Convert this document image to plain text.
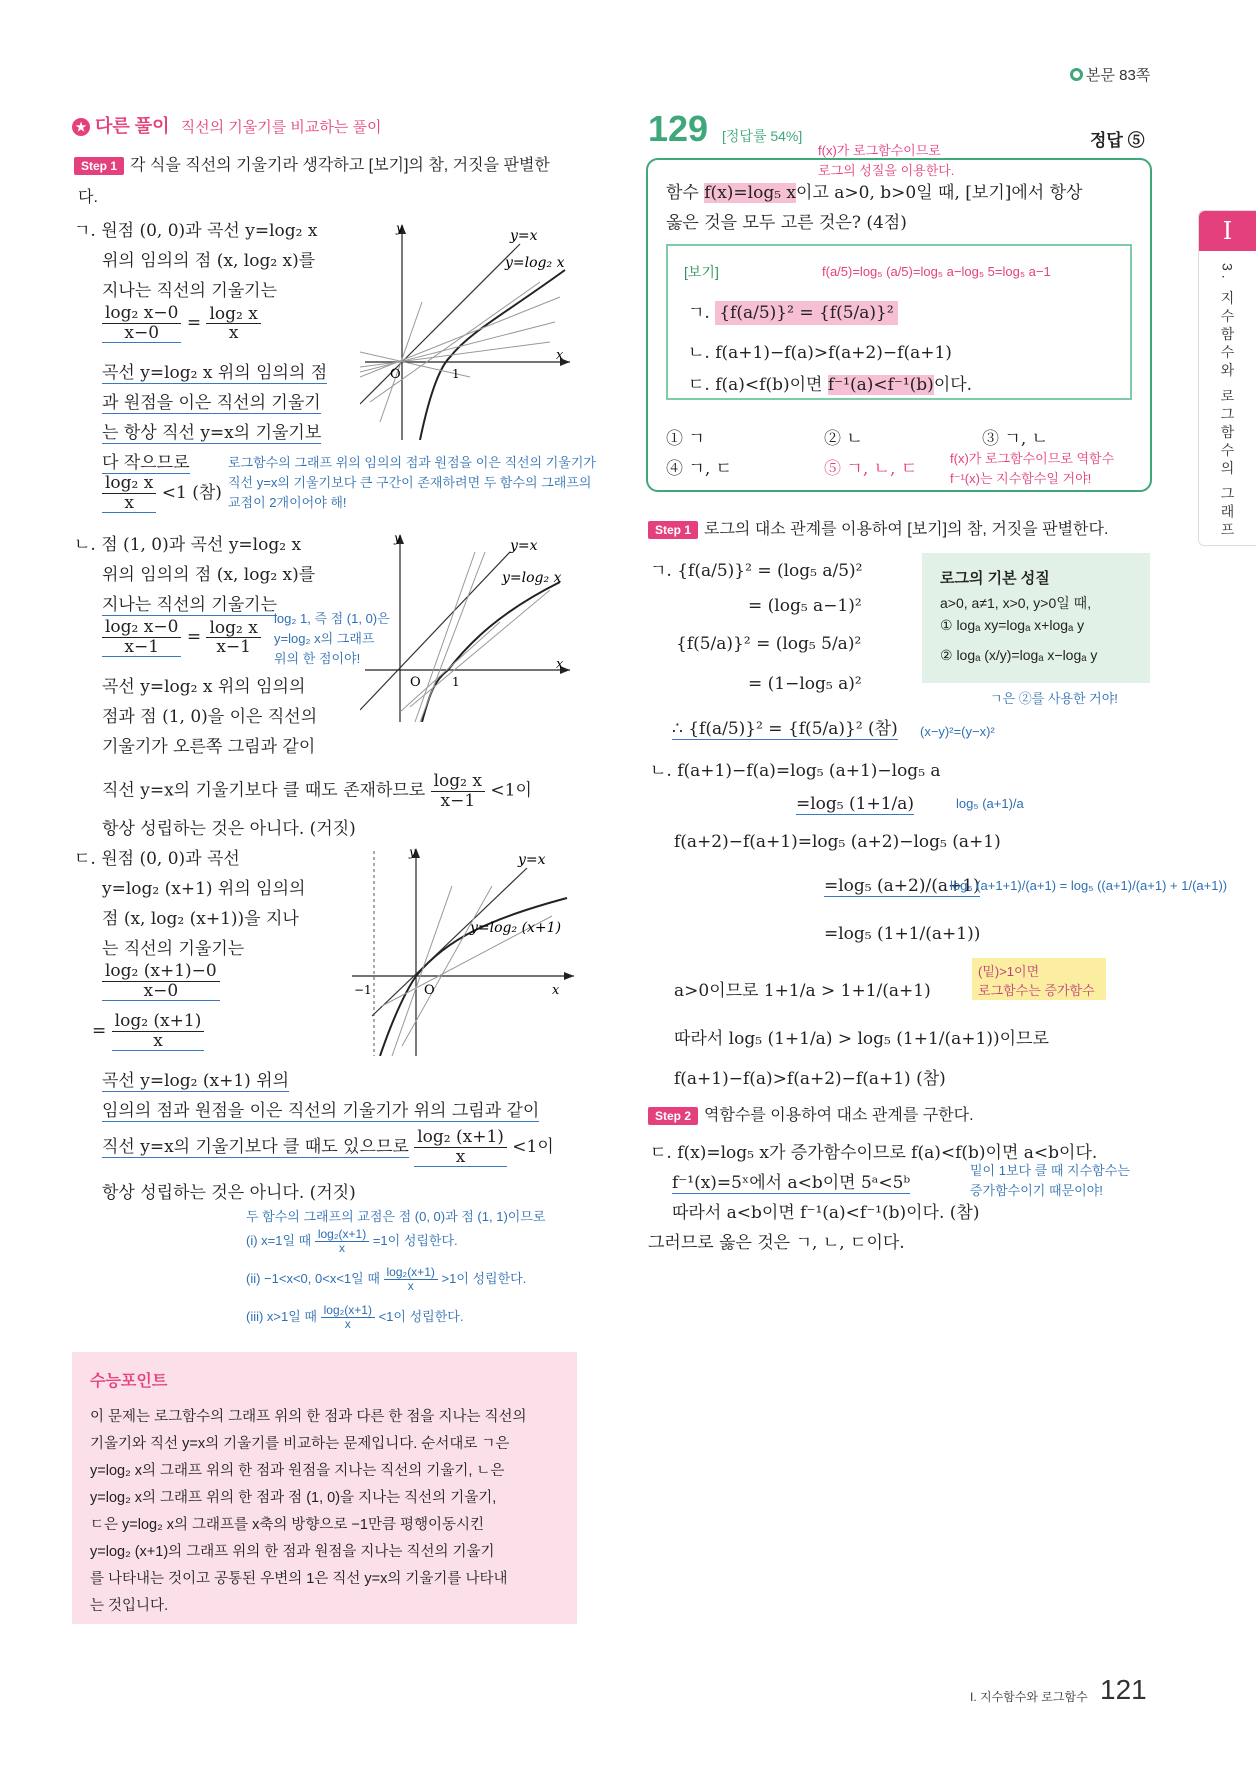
본문 83쪽
I
3. 지수함수와 로그함수의 그래프
★ 다른 풀이 직선의 기울기를 비교하는 풀이
Step 1 각 식을 직선의 기울기라 생각하고 [보기]의 참, 거짓을 판별한
다.
ㄱ. 원점 (0, 0)과 곡선 y=log₂ x
위의 임의의 점 (x, log₂ x)를
지나는 직선의 기울기는
$\frac{\text{log₂ x−0}}{x-0} = \frac{\text{log₂ x}}{x}$
곡선 y=log₂ x 위의 임의의 점
과 원점을 이은 직선의 기울기
는 항상 직선 y=x의 기울기보
다 작으므로
$\frac{\text{log₂ x}}{x} <1$ (참)
로그함수의 그래프 위의 임의의 점과 원점을 이은 직선의 기울기가
직선 y=x의 기울기보다 큰 구간이 존재하려면 두 함수의 그래프의
교점이 2개이어야 해!
y=x
y=log₂ x
y
x
O	1
ㄴ. 점 (1, 0)과 곡선 y=log₂ x
위의 임의의 점 (x, log₂ x)를
지나는 직선의 기울기는
$\frac{\text{log₂ x−0}}{x-1} = \frac{\text{log₂ x}}{x-1} \log_2$ 1, 즉 점 (1, 0)은
y=log₂ x의 그래프
위의 한 점이야!
곡선 y=log₂ x 위의 임의의
점과 점 (1, 0)을 이은 직선의
기울기가 오른쪽 그림과 같이
직선 y=x의 기울기보다 클 때도 존재하므로 $\frac{\text{log₂ x}}{x-1} <1$이
항상 성립하는 것은 아니다. (거짓)
y=x
y=log₂ x
y
x
O	1
ㄷ. 원점 (0, 0)과 곡선
y=log₂ (x+1) 위의 임의의
점 (x, log₂ (x+1))을 지나
는 직선의 기울기는
$\frac{\text{log₂ (x+1)−0}}{x-0}$
= $\frac{\text{log₂ (x+1)}}{x}$
곡선 y=log₂ (x+1) 위의
임의의 점과 원점을 이은 직선의 기울기가 위의 그림과 같이
직선 y=x의 기울기보다 클 때도 있으므로 $\frac{\text{log₂ (x+1)}}{x} <1$이
항상 성립하는 것은 아니다. (거짓)
두 함수의 그래프의 교점은 점 (0, 0)과 점 (1, 1)이므로
(i) x=1일 때 $\frac{\text{log₂(x+1)}}{x} =1$이 성립한다.
(ii) −1<x<0, 0<x<1일 때 $\frac{\text{log₂(x+1)}}{x} >1$이 성립한다.
(iii) x>1일 때 $\frac{\text{log₂(x+1)}}{x} <1$이 성립한다.
y=x
y=log₂ (x+1)
y
x
O
−1
수능포인트
이 문제는 로그함수의 그래프 위의 한 점과 다른 한 점을 지나는 직선의
기울기와 직선 y=x의 기울기를 비교하는 문제입니다. 순서대로 ㄱ은
y=log₂ x의 그래프 위의 한 점과 원점을 지나는 직선의 기울기, ㄴ은
y=log₂ x의 그래프 위의 한 점과 점 (1, 0)을 지나는 직선의 기울기,
ㄷ은 y=log₂ x의 그래프를 x축의 방향으로 −1만큼 평행이동시킨
y=log₂ (x+1)의 그래프 위의 한 점과 원점을 지나는 직선의 기울기
를 나타내는 것이고 공통된 우변의 1은 직선 y=x의 기울기를 나타내
는 것입니다.
129 [정답률 54%]	정답 ⑤
f(x)가 로그함수이므로
로그의 성질을 이용한다.
함수 f(x)=log₅ x이고 a>0, b>0일 때, [보기]에서 항상
옳은 것을 모두 고른 것은? (4점)
[보기]	f(a/5)=log₅ (a/5)=log₅ a−log₅ 5=log₅ a−1
ㄱ. {f(a/5)}² = {f(5/a)}²
ㄴ. f(a+1)−f(a)>f(a+2)−f(a+1)
ㄷ. f(a)<f(b)이면 f⁻¹(a)<f⁻¹(b)이다.
① ㄱ	② ㄴ	③ ㄱ, ㄴ
④ ㄱ, ㄷ	⑤ ㄱ, ㄴ, ㄷ
f(x)가 로그함수이므로 역함수
f⁻¹(x)는 지수함수일 거야!
Step 1 로그의 대소 관계를 이용하여 [보기]의 참, 거짓을 판별한다.
ㄱ. {f(a/5)}² = (log₅ a/5)²
= (log₅ a−1)²
{f(5/a)}² = (log₅ 5/a)²
= (1−log₅ a)²
∴ {f(a/5)}² = {f(5/a)}² (참) (x−y)²=(y−x)²
로그의 기본 성질
a>0, a≠1, x>0, y>0일 때,
① logₐ xy=logₐ x+logₐ y
② logₐ (x/y)=logₐ x−logₐ y
ㄱ은 ②를 사용한 거야!
ㄴ. f(a+1)−f(a)=log₅ (a+1)−log₅ a
=log₅ (1+1/a)	log₅ (a+1)/a
f(a+2)−f(a+1)=log₅ (a+2)−log₅ (a+1)
=log₅ (a+2)/(a+1)
log₅ (a+1+1)/(a+1) = log₅ ((a+1)/(a+1) + 1/(a+1))
=log₅ (1+1/(a+1))
a>0이므로 1+1/a > 1+1/(a+1)
(밑)>1이면
로그함수는 증가함수
따라서 log₅ (1+1/a) > log₅ (1+1/(a+1))이므로
f(a+1)−f(a)>f(a+2)−f(a+1) (참)
Step 2 역함수를 이용하여 대소 관계를 구한다.
ㄷ. f(x)=log₅ x가 증가함수이므로 f(a)<f(b)이면 a<b이다.
f⁻¹(x)=5ˣ에서 a<b이면 5ᵃ<5ᵇ
밑이 1보다 클 때 지수함수는
증가함수이기 때문이야!
따라서 a<b이면 f⁻¹(a)<f⁻¹(b)이다. (참)
그러므로 옳은 것은 ㄱ, ㄴ, ㄷ이다.
I. 지수함수와 로그함수 121
